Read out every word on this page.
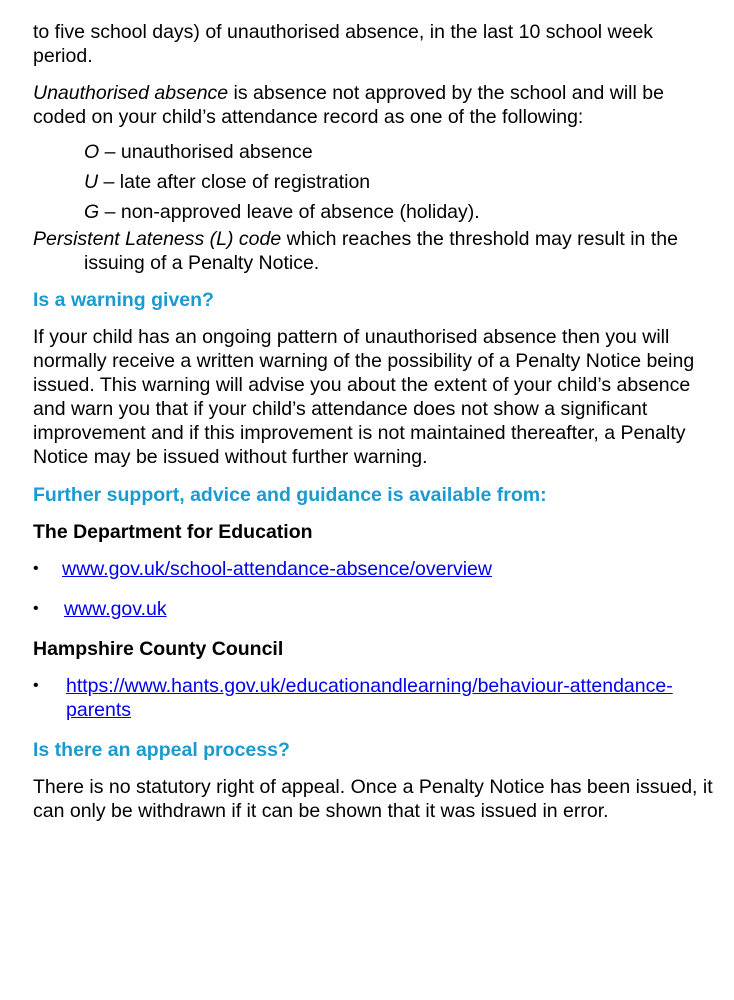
to five school days) of unauthorised absence, in the last 10 school week period.

Unauthorised absence is absence not approved by the school and will be coded on your child’s attendance record as one of the following:

O – unauthorised absence
U – late after close of registration
G – non-approved leave of absence (holiday).

Persistent Lateness (L) code which reaches the threshold may result in the issuing of a Penalty Notice.

Is a warning given?

If your child has an ongoing pattern of unauthorised absence then you will normally receive a written warning of the possibility of a Penalty Notice being issued. This warning will advise you about the extent of your child’s absence and warn you that if your child’s attendance does not show a significant improvement and if this improvement is not maintained thereafter, a Penalty Notice may be issued without further warning.

Further support, advice and guidance is available from:

The Department for Education

•	www.gov.uk/school-attendance-absence/overview
•	www.gov.uk

Hampshire County Council

•	https://www.hants.gov.uk/educationandlearning/behaviour-attendance-parents

Is there an appeal process?

There is no statutory right of appeal. Once a Penalty Notice has been issued, it can only be withdrawn if it can be shown that it was issued in error.
